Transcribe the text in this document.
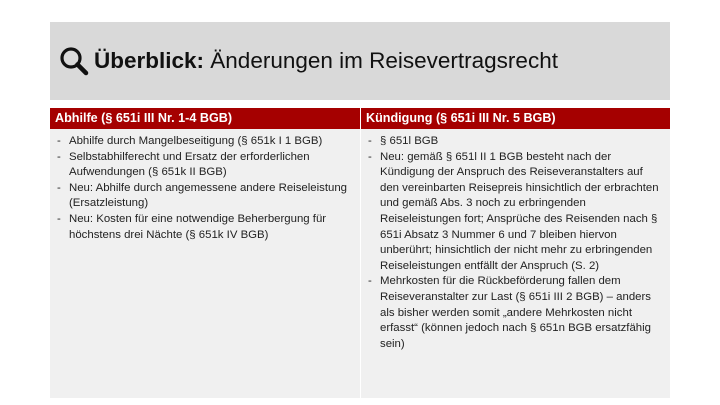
Überblick: Änderungen im Reisevertragsrecht
Abhilfe (§ 651i III Nr. 1-4 BGB)
- Abhilfe durch Mangelbeseitigung (§ 651k I 1 BGB)
- Selbstabhilferecht und Ersatz der erforderlichen Aufwendungen (§ 651k II BGB)
- Neu: Abhilfe durch angemessene andere Reiseleistung (Ersatzleistung)
- Neu: Kosten für eine notwendige Beherbergung für höchstens drei Nächte (§ 651k IV BGB)
Kündigung (§ 651i III Nr. 5 BGB)
- § 651l BGB
- Neu: gemäß § 651l II 1 BGB besteht nach der Kündigung der Anspruch des Reiseveranstalters auf den vereinbarten Reisepreis hinsichtlich der erbrachten und gemäß Abs. 3 noch zu erbringenden Reiseleistungen fort; Ansprüche des Reisenden nach § 651i Absatz 3 Nummer 6 und 7 bleiben hiervon unberührt; hinsichtlich der nicht mehr zu erbringenden Reiseleistungen entfällt der Anspruch (S. 2)
- Mehrkosten für die Rückbeförderung fallen dem Reiseveranstalter zur Last (§ 651i III 2 BGB) – anders als bisher werden somit „andere Mehrkosten nicht erfasst“ (können jedoch nach § 651n BGB ersatzfähig sein)
